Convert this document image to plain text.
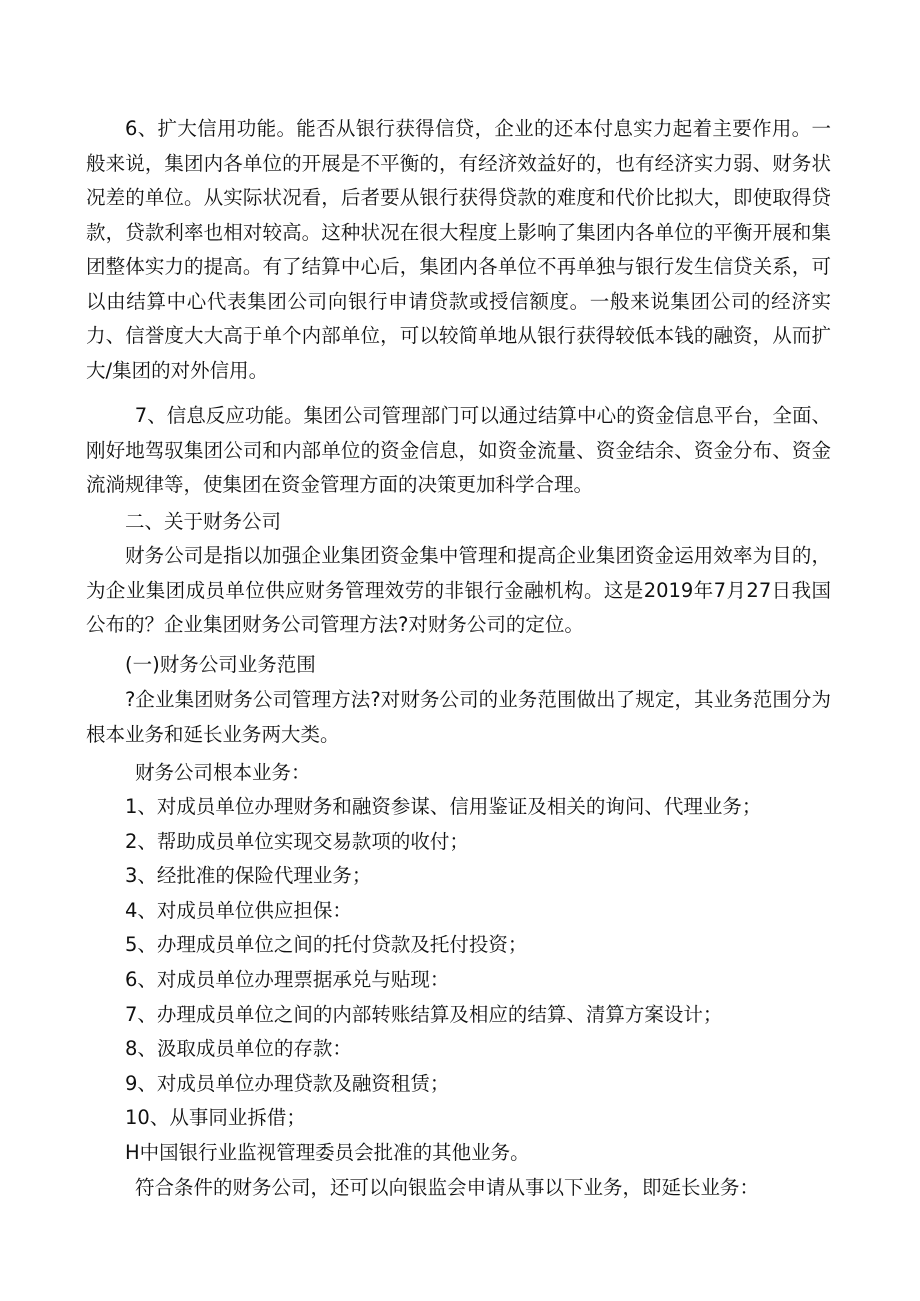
6、扩大信用功能。能否从银行获得信贷，企业的还本付息实力起着主要作用。一般来说，集团内各单位的开展是不平衡的，有经济效益好的，也有经济实力弱、财务状况差的单位。从实际状况看，后者要从银行获得贷款的难度和代价比拟大，即使取得贷款，贷款利率也相对较高。这种状况在很大程度上影响了集团内各单位的平衡开展和集团整体实力的提高。有了结算中心后，集团内各单位不再单独与银行发生信贷关系，可以由结算中心代表集团公司向银行申请贷款或授信额度。一般来说集团公司的经济实力、信誉度大大高于单个内部单位，可以较简单地从银行获得较低本钱的融资，从而扩大/集团的对外信用。

7、信息反应功能。集团公司管理部门可以通过结算中心的资金信息平台，全面、刚好地驾驭集团公司和内部单位的资金信息，如资金流量、资金结余、资金分布、资金流淌规律等，使集团在资金管理方面的决策更加科学合理。

二、关于财务公司

财务公司是指以加强企业集团资金集中管理和提高企业集团资金运用效率为目的，为企业集团成员单位供应财务管理效劳的非银行金融机构。这是2019年7月27日我国公布的？企业集团财务公司管理方法?对财务公司的定位。

(一)财务公司业务范围

?企业集团财务公司管理方法?对财务公司的业务范围做出了规定，其业务范围分为根本业务和延长业务两大类。

财务公司根本业务：

1、对成员单位办理财务和融资参谋、信用鉴证及相关的询问、代理业务；

2、帮助成员单位实现交易款项的收付；

3、经批准的保险代理业务；

4、对成员单位供应担保：

5、办理成员单位之间的托付贷款及托付投资；

6、对成员单位办理票据承兑与贴现：

7、办理成员单位之间的内部转账结算及相应的结算、清算方案设计；

8、汲取成员单位的存款：

9、对成员单位办理贷款及融资租赁；

10、从事同业拆借；

H中国银行业监视管理委员会批准的其他业务。

符合条件的财务公司，还可以向银监会申请从事以下业务，即延长业务：
